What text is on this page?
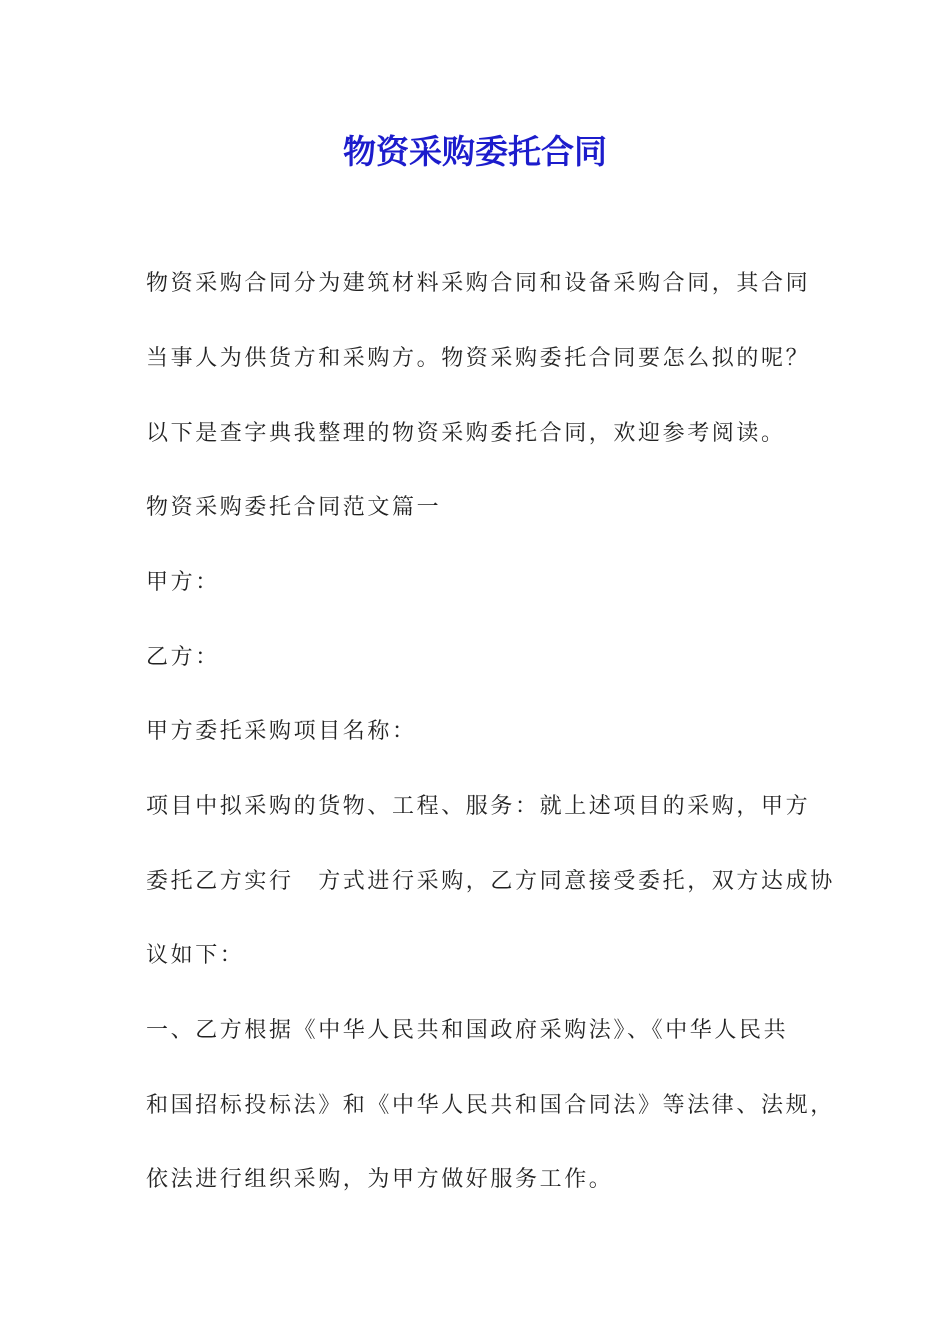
物资采购委托合同
物资采购合同分为建筑材料采购合同和设备采购合同，其合同
当事人为供货方和采购方。物资采购委托合同要怎么拟的呢？
以下是查字典我整理的物资采购委托合同，欢迎参考阅读。
物资采购委托合同范文篇一
甲方：
乙方：
甲方委托采购项目名称：
项目中拟采购的货物、工程、服务：就上述项目的采购，甲方
委托乙方实行　方式进行采购，乙方同意接受委托，双方达成协
议如下：
一、乙方根据《中华人民共和国政府采购法》、《中华人民共
和国招标投标法》和《中华人民共和国合同法》等法律、法规，
依法进行组织采购，为甲方做好服务工作。
